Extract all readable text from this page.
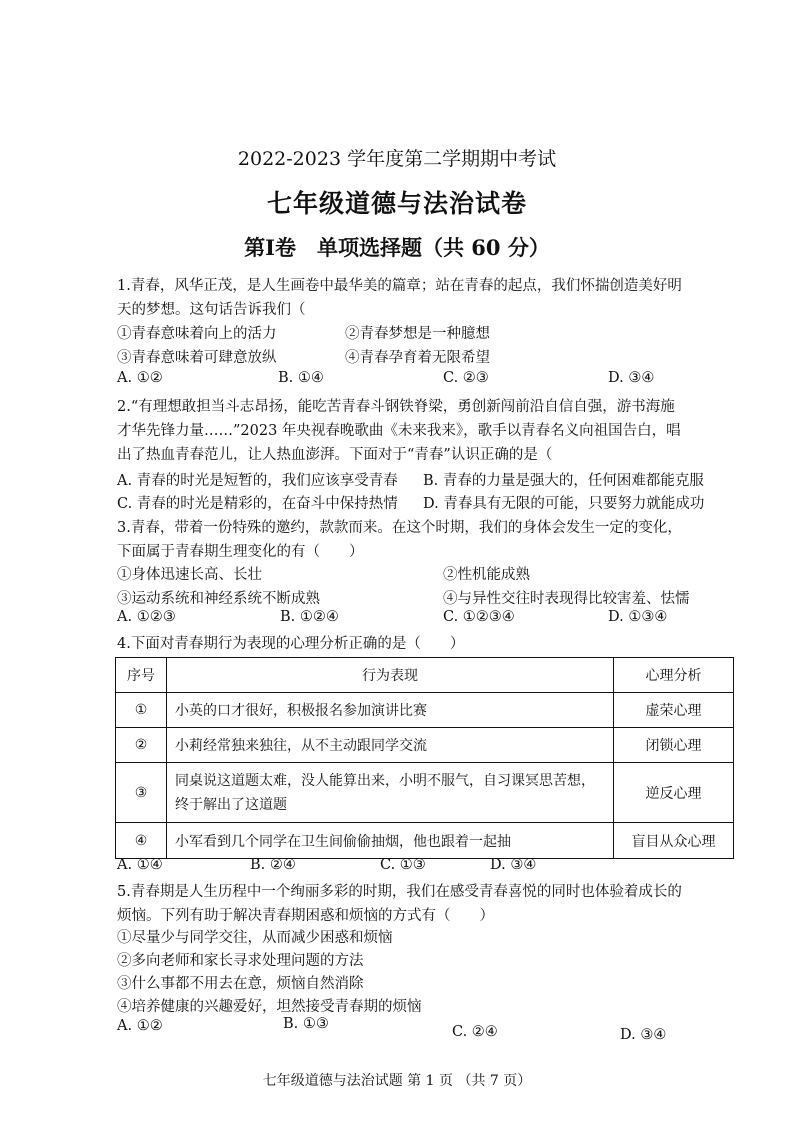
2022-2023 学年度第二学期期中考试
七年级道德与法治试卷
第Ⅰ卷　单项选择题（共 60 分）
1.青春，风华正茂，是人生画卷中最华美的篇章；站在青春的起点，我们怀揣创造美好明
天的梦想。这句话告诉我们（
①青春意味着向上的活力	②青春梦想是一种臆想
③青春意味着可肆意放纵	④青春孕育着无限希望
A. ①②	B. ①④	C. ②③	D. ③④
2.“有理想敢担当斗志昂扬，能吃苦青春斗钢铁脊梁，勇创新闯前沿自信自强，游书海施
才华先锋力量……”2023 年央视春晚歌曲《未来我来》，歌手以青春名义向祖国告白，唱
出了热血青春范儿，让人热血澎湃。下面对于“青春”认识正确的是（
A. 青春的时光是短暂的，我们应该享受青春 B. 青春的力量是强大的，任何困难都能克服
C. 青春的时光是精彩的，在奋斗中保持热情 D. 青春具有无限的可能，只要努力就能成功
3.青春，带着一份特殊的邀约，款款而来。在这个时期，我们的身体会发生一定的变化，
下面属于青春期生理变化的有（　　）
①身体迅速长高、长壮	②性机能成熟
③运动系统和神经系统不断成熟	④与异性交往时表现得比较害羞、怯懦
A. ①②③	B. ①②④	C. ①②③④	D. ①③④
4.下面对青春期行为表现的心理分析正确的是（　　）
序号	行为表现	心理分析
①	小英的口才很好，积极报名参加演讲比赛	虚荣心理
②	小莉经常独来独往，从不主动跟同学交流	闭锁心理
③	同桌说这道题太难，没人能算出来，小明不服气，自习课冥思苦想，终于解出了这道题	逆反心理
④	小军看到几个同学在卫生间偷偷抽烟，他也跟着一起抽	盲目从众心理
A. ①④	B. ②④	C. ①③	D. ③④
5.青春期是人生历程中一个绚丽多彩的时期，我们在感受青春喜悦的同时也体验着成长的
烦恼。下列有助于解决青春期困惑和烦恼的方式有（　　）
①尽量少与同学交往，从而减少困惑和烦恼
②多向老师和家长寻求处理问题的方法
③什么事都不用去在意，烦恼自然消除
④培养健康的兴趣爱好，坦然接受青春期的烦恼
A. ①②	B. ①③	C. ②④	D. ③④
七年级道德与法治试题 第 1 页 （共 7 页）
